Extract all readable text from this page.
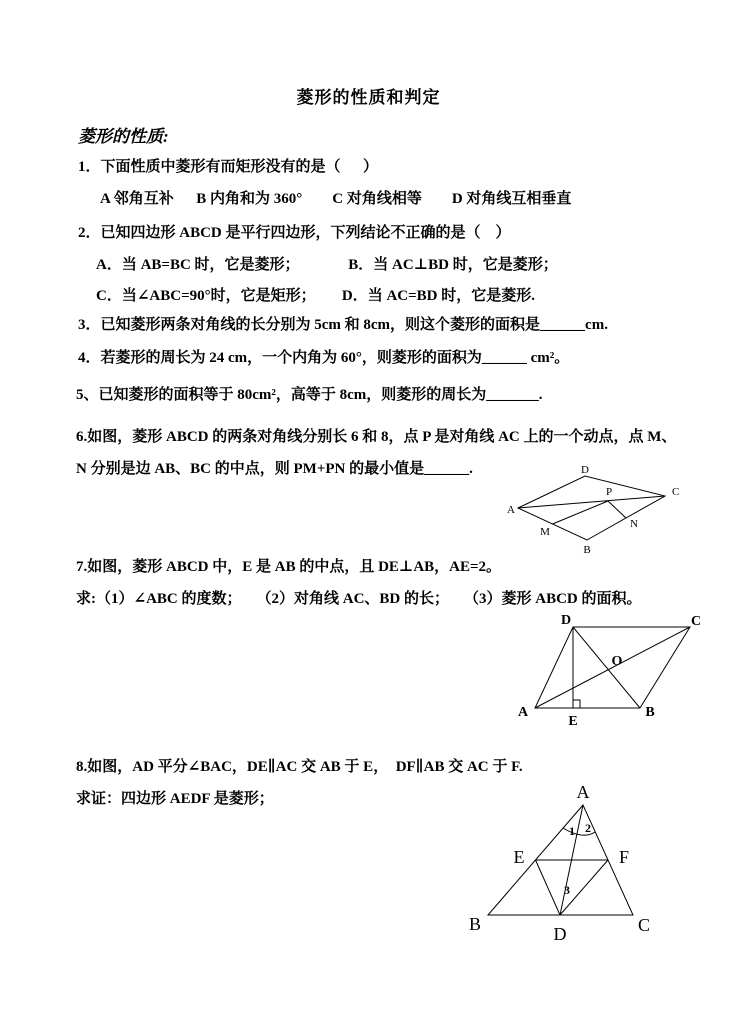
菱形的性质和判定
菱形的性质:
1．下面性质中菱形有而矩形没有的是（      ）
A 邻角互补      B 内角和为 360°        C 对角线相等        D 对角线互相垂直
2．已知四边形 ABCD 是平行四边形，下列结论不正确的是（    ）
A．当 AB=BC 时，它是菱形；             B．当 AC⊥BD 时，它是菱形；
C．当∠ABC=90°时，它是矩形；       D．当 AC=BD 时，它是菱形.
3．已知菱形两条对角线的长分别为 5cm 和 8cm，则这个菱形的面积是______cm.
4．若菱形的周长为 24 cm，一个内角为 60°，则菱形的面积为______ cm²。
5、已知菱形的面积等于 80cm²，高等于 8cm，则菱形的周长为_______.
6.如图，菱形 ABCD 的两条对角线分别长 6 和 8，点 P 是对角线 AC 上的一个动点，点 M、
N 分别是边 AB、BC 的中点，则 PM+PN 的最小值是______.	D
C
B
A
P
M
N
7.如图，菱形 ABCD 中，E 是 AB 的中点，且 DE⊥AB，AE=2。
求:（1）∠ABC 的度数；    （2）对角线 AC、BD 的长；    （3）菱形 ABCD 的面积。
D	C
A	B
E
O
8.如图，AD 平分∠BAC，DE∥AC 交 AB 于 E，  DF∥AB 交 AC 于 F.
求证：四边形 AEDF 是菱形；	A
B	C
D
E	F
1 2
3
